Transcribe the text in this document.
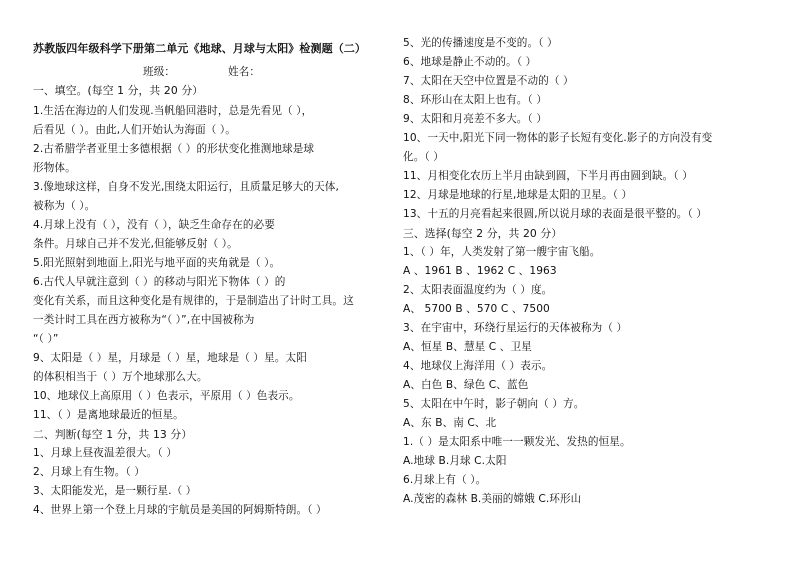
苏教版四年级科学下册第二单元《地球、月球与太阳》检测题（二）
班级：	姓名：
一、填空。(每空 1 分，共 20 分）
1.生活在海边的人们发现.当帆船回港时，总是先看见（ ），
后看见（ ）。由此,人们开始认为海面（ ）。
2.古希腊学者亚里士多德根据（ ）的形状变化推测地球是球
形物体。
3.像地球这样，自身不发光,围绕太阳运行，且质量足够大的天体,
被称为（ ）。
4.月球上没有（ ），没有（ ），缺乏生命存在的必要
条件。月球自己并不发光,但能够反射（ ）。
5.阳光照射到地面上,阳光与地平面的夹角就是（ ）。
6.古代人早就注意到（ ）的移动与阳光下物体（ ）的
变化有关系，而且这种变化是有规律的，于是制造出了计时工具。这
一类计时工具在西方被称为“（ ）”,在中国被称为
“（ ）”
9、太阳是（ ）星，月球是（ ）星，地球是（ ）星。太阳
的体积相当于（ ）万个地球那么大。
10、地球仪上高原用（ ）色表示，平原用（ ）色表示。
11、（ ）是离地球最近的恒星。
二、判断(每空 1 分，共 13 分）
1、月球上昼夜温差很大。（ ）
2、月球上有生物。（ ）
3、太阳能发光，是一颗行星.（ ）
4、世界上第一个登上月球的宇航员是美国的阿姆斯特朗。（ ）
5、光的传播速度是不变的。（ ）
6、地球是静止不动的。（ ）
7、太阳在天空中位置是不动的（ ）
8、环形山在太阳上也有。（ ）
9、太阳和月亮差不多大。（ ）
10、一天中,阳光下同一物体的影子长短有变化.影子的方向没有变
化。（ ）
11、月相变化农历上半月由缺到圆，下半月再由圆到缺。（ ）
12、月球是地球的行星,地球是太阳的卫星。（ ）
13、十五的月亮看起来很圆,所以说月球的表面是很平整的。（ ）
三、选择(每空 2 分，共 20 分）
1、（ ）年，人类发射了第一艘宇宙飞船。
A 、1961 B 、1962 C 、1963
2、太阳表面温度约为（ ）度。
A、 5700 B 、570 C 、7500
3、在宇宙中，环绕行星运行的天体被称为（ ）
A、恒星 B、慧星 C 、卫星
4、地球仪上海洋用（ ）表示。
A、白色 B、绿色 C、蓝色
5、太阳在中午时，影子朝向（ ）方。
A、东 B、南 C、北
1.（ ）是太阳系中唯一一颗发光、发热的恒星。
A.地球 B.月球 C.太阳
6.月球上有（ ）。
A.茂密的森林 B.美丽的嫦娥 C.环形山
